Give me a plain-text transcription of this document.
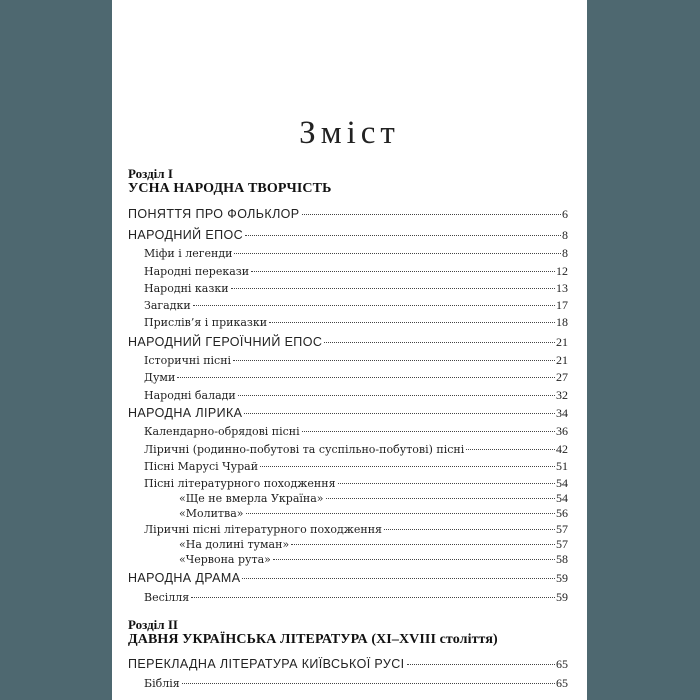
Зміст
Розділ I
УСНА НАРОДНА ТВОРЧІСТЬ
ПОНЯТТЯ ПРО ФОЛЬКЛОР	6
НАРОДНИЙ ЕПОС	8
Міфи і легенди	8
Народні перекази	12
Народні казки	13
Загадки	17
Прислів’я і приказки	18
НАРОДНИЙ ГЕРОЇЧНИЙ ЕПОС	21
Історичні пісні	21
Думи	27
Народні балади	32
НАРОДНА ЛІРИКА	34
Календарно-обрядові пісні	36
Ліричні (родинно-побутові та суспільно-побутові) пісні	42
Пісні Марусі Чурай	51
Пісні літературного походження	54
«Ще не вмерла Україна»	54
«Молитва»	56
Ліричні пісні літературного походження	57
«На долині туман»	57
«Червона рута»	58
НАРОДНА ДРАМА	59
Весілля	59
Розділ II
ДАВНЯ УКРАЇНСЬКА ЛІТЕРАТУРА (XI–XVIII століття)
ПЕРЕКЛАДНА ЛІТЕРАТУРА КИЇВСЬКОЇ РУСІ	65
Біблія	65
